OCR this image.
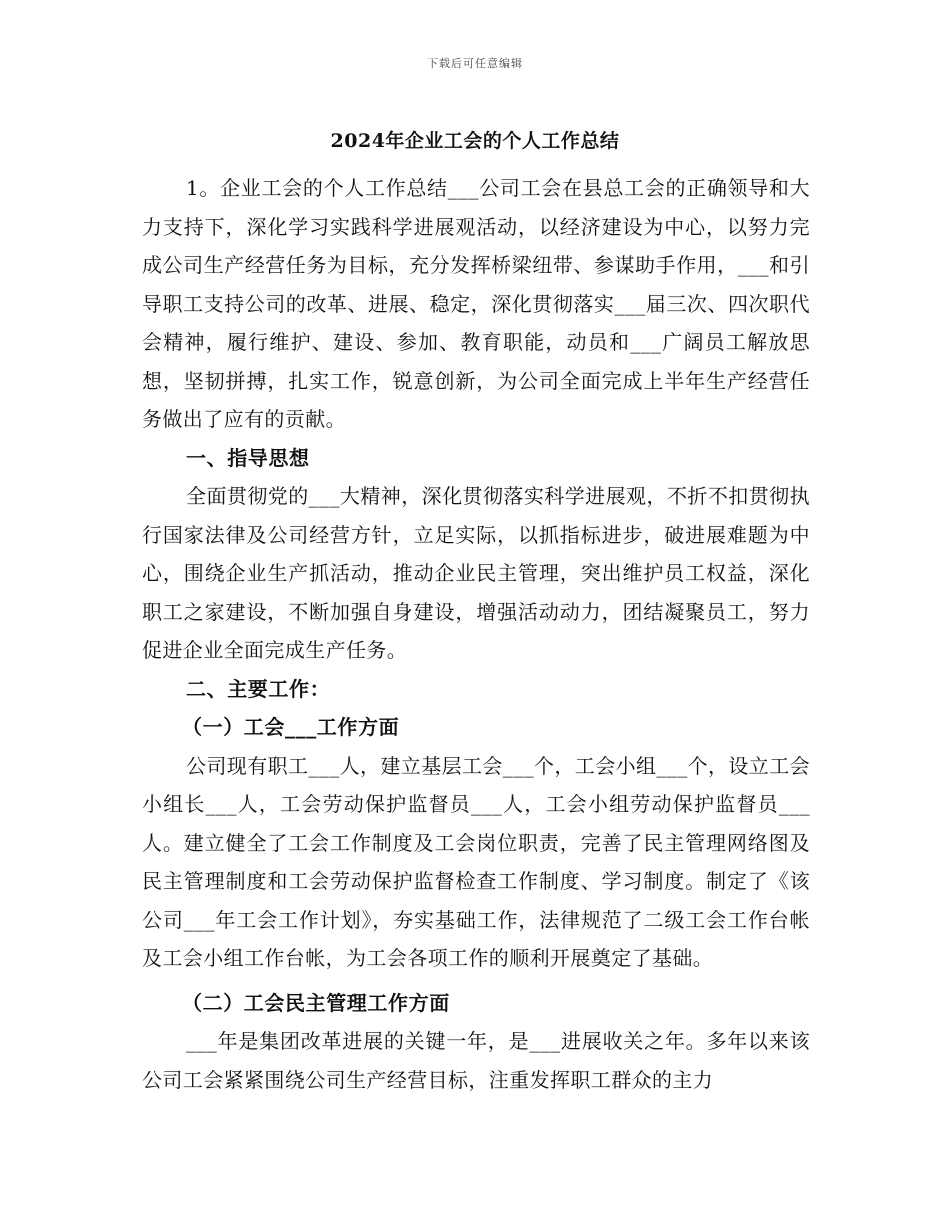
下载后可任意编辑
2024年企业工会的个人工作总结

1。企业工会的个人工作总结___公司工会在县总工会的正确领导和大力支持下，深化学习实践科学进展观活动，以经济建设为中心，以努力完成公司生产经营任务为目标，充分发挥桥梁纽带、参谋助手作用，___和引导职工支持公司的改革、进展、稳定，深化贯彻落实___届三次、四次职代会精神，履行维护、建设、参加、教育职能，动员和___广阔员工解放思想，坚韧拼搏，扎实工作，锐意创新，为公司全面完成上半年生产经营任务做出了应有的贡献。

一、指导思想

全面贯彻党的___大精神，深化贯彻落实科学进展观，不折不扣贯彻执行国家法律及公司经营方针，立足实际，以抓指标进步，破进展难题为中心，围绕企业生产抓活动，推动企业民主管理，突出维护员工权益，深化职工之家建设，不断加强自身建设，增强活动动力，团结凝聚员工，努力促进企业全面完成生产任务。

二、主要工作：

（一）工会___工作方面

公司现有职工___人，建立基层工会___个，工会小组___个，设立工会小组长___人，工会劳动保护监督员___人，工会小组劳动保护监督员___人。建立健全了工会工作制度及工会岗位职责，完善了民主管理网络图及民主管理制度和工会劳动保护监督检查工作制度、学习制度。制定了《该公司___年工会工作计划》，夯实基础工作，法律规范了二级工会工作台帐及工会小组工作台帐，为工会各项工作的顺利开展奠定了基础。

（二）工会民主管理工作方面

___年是集团改革进展的关键一年，是___进展收关之年。多年以来该公司工会紧紧围绕公司生产经营目标，注重发挥职工群众的主力
